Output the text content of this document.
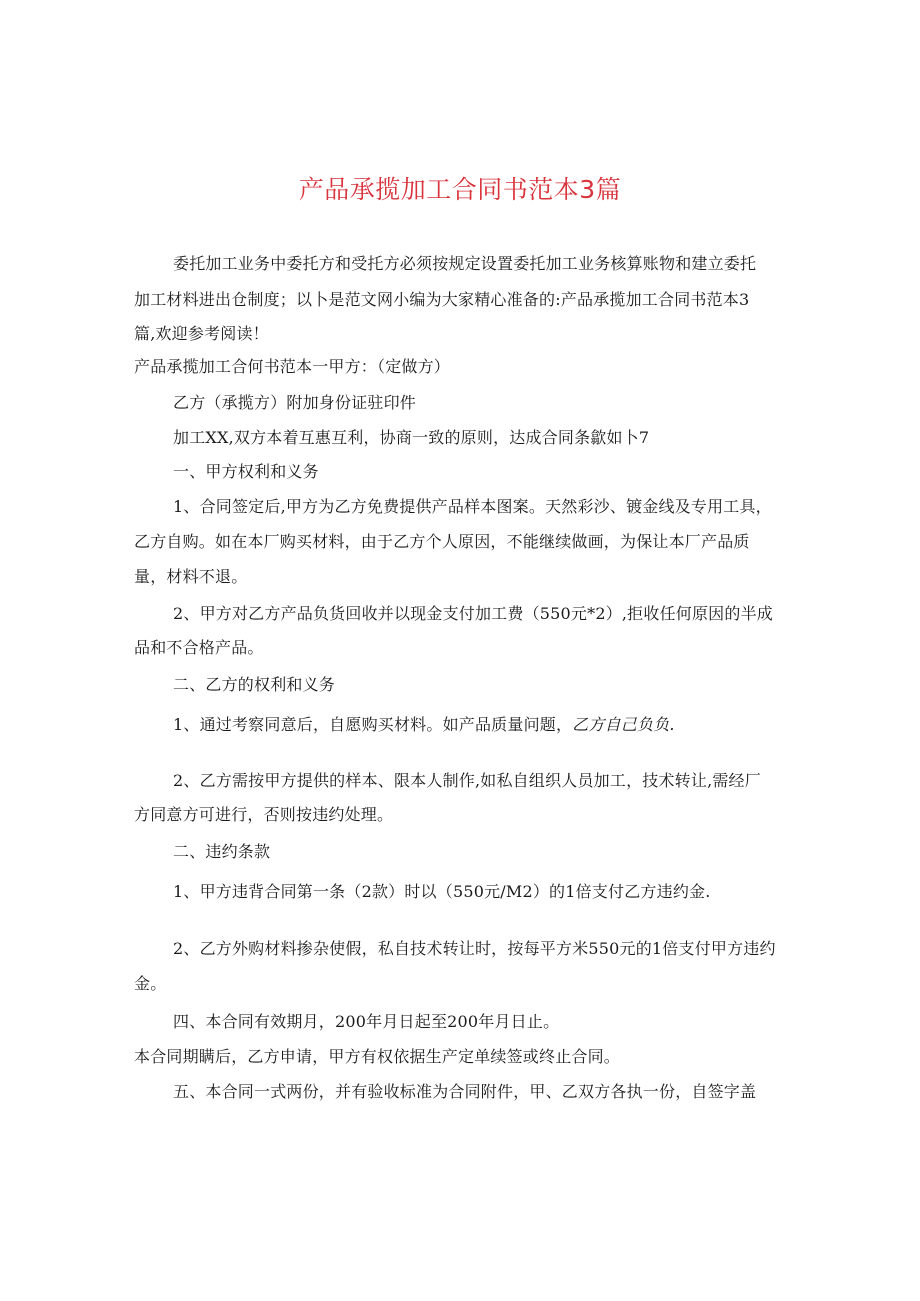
产品承揽加工合同书范本3篇
委托加工业务中委托方和受托方必须按规定设置委托加工业务核算账物和建立委托
加工材料进出仓制度；以卜是范文网小编为大家精心准备的:产品承揽加工合同书范本3
篇,欢迎参考阅读！
产品承揽加工合何书范本一甲方：（定做方）
乙方（承揽方）附加身份证驻印件
加工XX,双方本着互惠互利，协商一致的原则，达成合同条歙如卜7
一、甲方权利和义务
1、合同签定后,甲方为乙方免费提供产品样本图案。天然彩沙、镀金线及专用工具，
乙方自购。如在本厂购买材料，由于乙方个人原因，不能继续做画，为保让本厂产品质
量，材料不退。
2、甲方对乙方产品负货回收并以现金支付加工费（550元*2）,拒收任何原因的半成
品和不合格产品。
二、乙方的权利和义务
1、通过考察同意后，自愿购买材料。如产品质量问题，乙方自己负负.
2、乙方需按甲方提供的样本、限本人制作,如私自组织人员加工，技术转让,需经厂
方同意方可进行，否则按违约处理。
二、违约条款
1、甲方违背合同第一条（2款）时以（550元/M2）的1倍支付乙方违约金.
2、乙方外购材料掺杂使假，私自技术转让时，按每平方米550元的1倍支付甲方违约
金。
四、本合同有效期月，200年月日起至200年月日止。
本合同期瞒后，乙方申请，甲方有权依据生产定单续签或终止合同。
五、本合同一式两份，并有验收标准为合同附件，甲、乙双方各执一份，自签字盖
